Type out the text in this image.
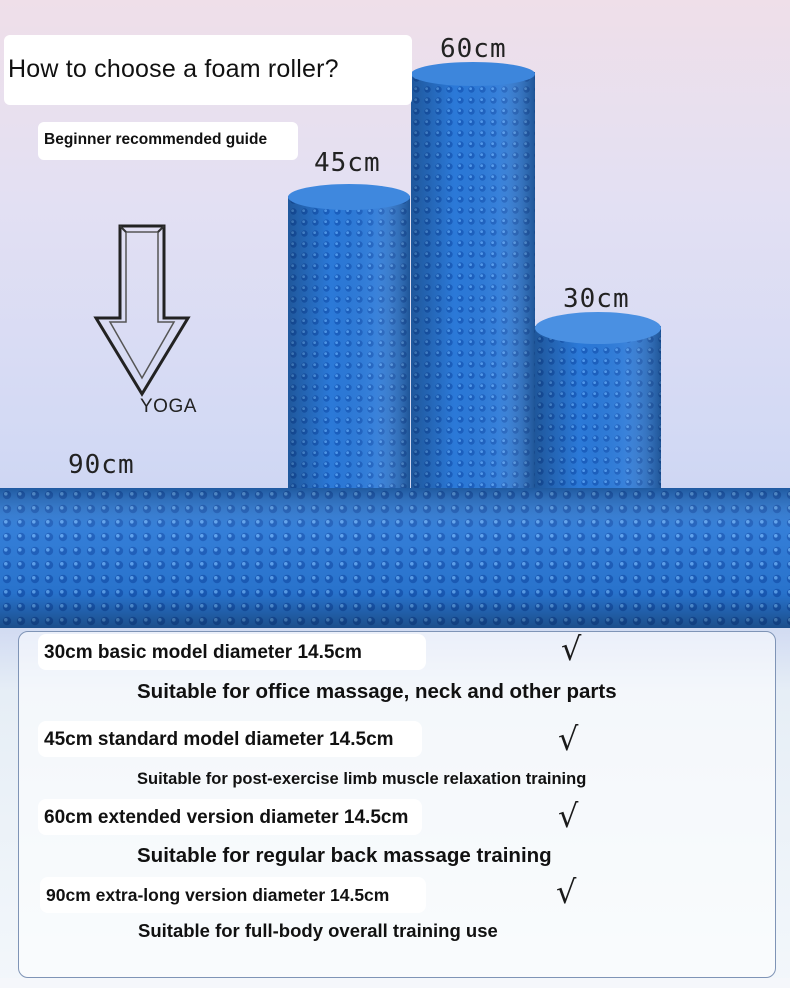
YOGA
60cm
45cm
30cm
90cm
How to choose a foam roller?
Beginner recommended guide
30cm basic model diameter 14.5cm	√
Suitable for office massage, neck and other parts
45cm standard model diameter 14.5cm	√
Suitable for post-exercise limb muscle relaxation training
60cm extended version diameter 14.5cm	√
Suitable for regular back massage training
90cm extra-long version diameter 14.5cm	√
Suitable for full-body overall training use
